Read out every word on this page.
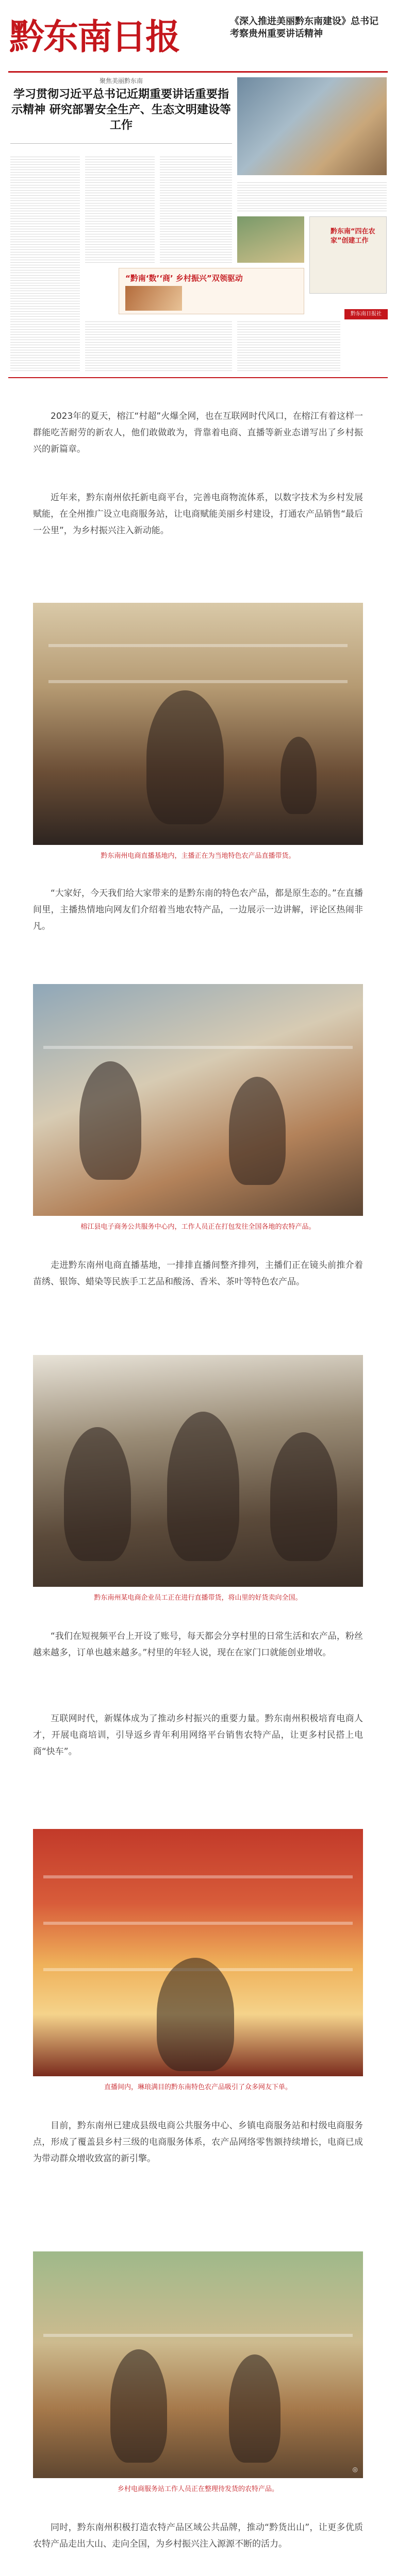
黔东南日报	《深入推进美丽黔东南建设》总书记考察贵州重要讲话精神
聚焦美丽黔东南
学习贯彻习近平总书记近期重要讲话重要指示精神 研究部署安全生产、生态文明建设等工作
黔东南“四在农家”创建工作
“黔南‘数’‘商’ 乡村振兴”双领驱动
黔东南日报社

2023年的夏天，榕江“村超”火爆全网，也在互联网时代风口，在榕江有着这样一群能吃苦耐劳的新农人，他们敢做敢为，背靠着电商、直播等新业态谱写出了乡村振兴的新篇章。

近年来，黔东南州依托新电商平台，完善电商物流体系，以数字技术为乡村发展赋能，在全州推广设立电商服务站，让电商赋能美丽乡村建设，打通农产品销售“最后一公里”，为乡村振兴注入新动能。

黔东南州电商直播基地内，主播正在为当地特色农产品直播带货。

“大家好，今天我们给大家带来的是黔东南的特色农产品，都是原生态的。”在直播间里，主播热情地向网友们介绍着当地农特产品，一边展示一边讲解，评论区热闹非凡。

榕江县电子商务公共服务中心内，工作人员正在打包发往全国各地的农特产品。

走进黔东南州电商直播基地，一排排直播间整齐排列，主播们正在镜头前推介着苗绣、银饰、蜡染等民族手工艺品和酸汤、香米、茶叶等特色农产品。

黔东南州某电商企业员工正在进行直播带货，将山里的好货卖向全国。

“我们在短视频平台上开设了账号，每天都会分享村里的日常生活和农产品，粉丝越来越多，订单也越来越多。”村里的年轻人说，现在在家门口就能创业增收。

互联网时代，新媒体成为了推动乡村振兴的重要力量。黔东南州积极培育电商人才，开展电商培训，引导返乡青年利用网络平台销售农特产品，让更多村民搭上电商“快车”。

直播间内，琳琅满目的黔东南特色农产品吸引了众多网友下单。

目前，黔东南州已建成县级电商公共服务中心、乡镇电商服务站和村级电商服务点，形成了覆盖县乡村三级的电商服务体系，农产品网络零售额持续增长，电商已成为带动群众增收致富的新引擎。

◎
乡村电商服务站工作人员正在整理待发货的农特产品。

同时，黔东南州积极打造农特产品区域公共品牌，推动“黔货出山”，让更多优质农特产品走出大山、走向全国，为乡村振兴注入源源不断的活力。
